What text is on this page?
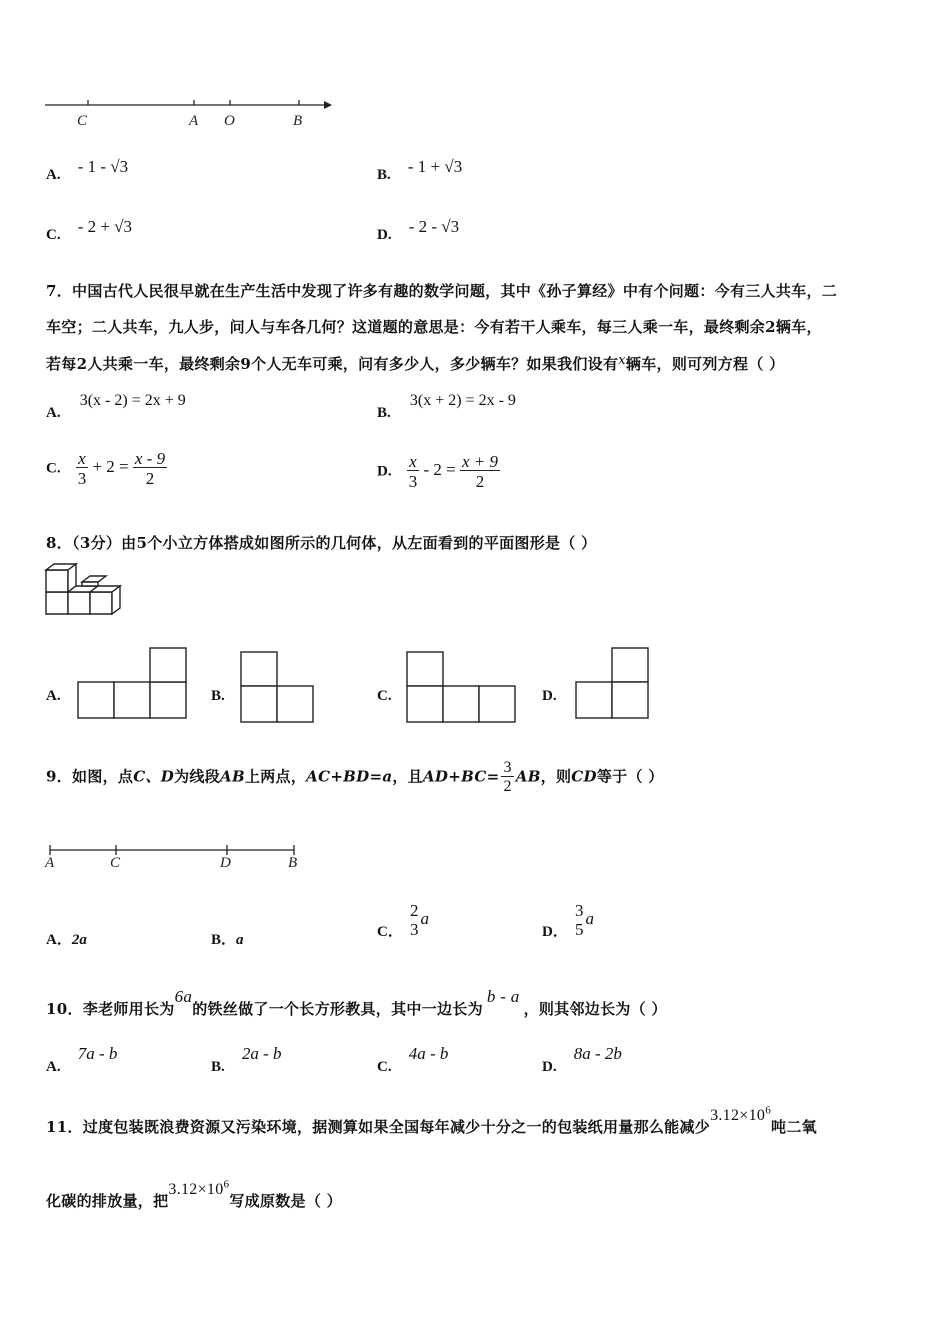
C	A O	B
A. - 1 - √3	B. - 1 + √3
C. - 2 + √3	D. - 2 - √3
7．中国古代人民很早就在生产生活中发现了许多有趣的数学问题，其中《孙子算经》中有个问题：今有三人共车，二
车空；二人共车，九人步，问人与车各几何？这道题的意思是：今有若干人乘车，每三人乘一车，最终剩余2辆车，
若每2人共乘一车，最终剩余9个人无车可乘，问有多少人，多少辆车？如果我们设有x辆车，则可列方程（ ）
A. 3(x - 2) = 2x + 9
B. 3(x + 2) = 2x - 9
C. $\frac{x}{3} + 2 = \frac{x - 9}{2}$	D. $\frac{x}{3} - 2 = \frac{x + 9}{2}$
8．（3分）由5个小立方体搭成如图所示的几何体，从左面看到的平面图形是（ ）
A.	B.	C.	D.
9．如图，点C、D为线段AB上两点，AC+BD=a，且$AD+BC= \frac{3}{2}$ AB，则CD等于（ ）
A	C	D	B
A．2a	B．a
C．
2
3
a
D．
3
5
a
10．李老师用长为6a的铁丝做了一个长方形教具，其中一边长为b - a，则其邻边长为（ ）
A. 7a - b
B. 2a - b
C. 4a - b
D. 8a - 2b
11．过度包装既浪费资源又污染环境，据测算如果全国每年减少十分之一的包装纸用量那么能减少$3.12\times 10^6$吨二氧
化碳的排放量，把$3.12\times 10^6$写成原数是（ ）
